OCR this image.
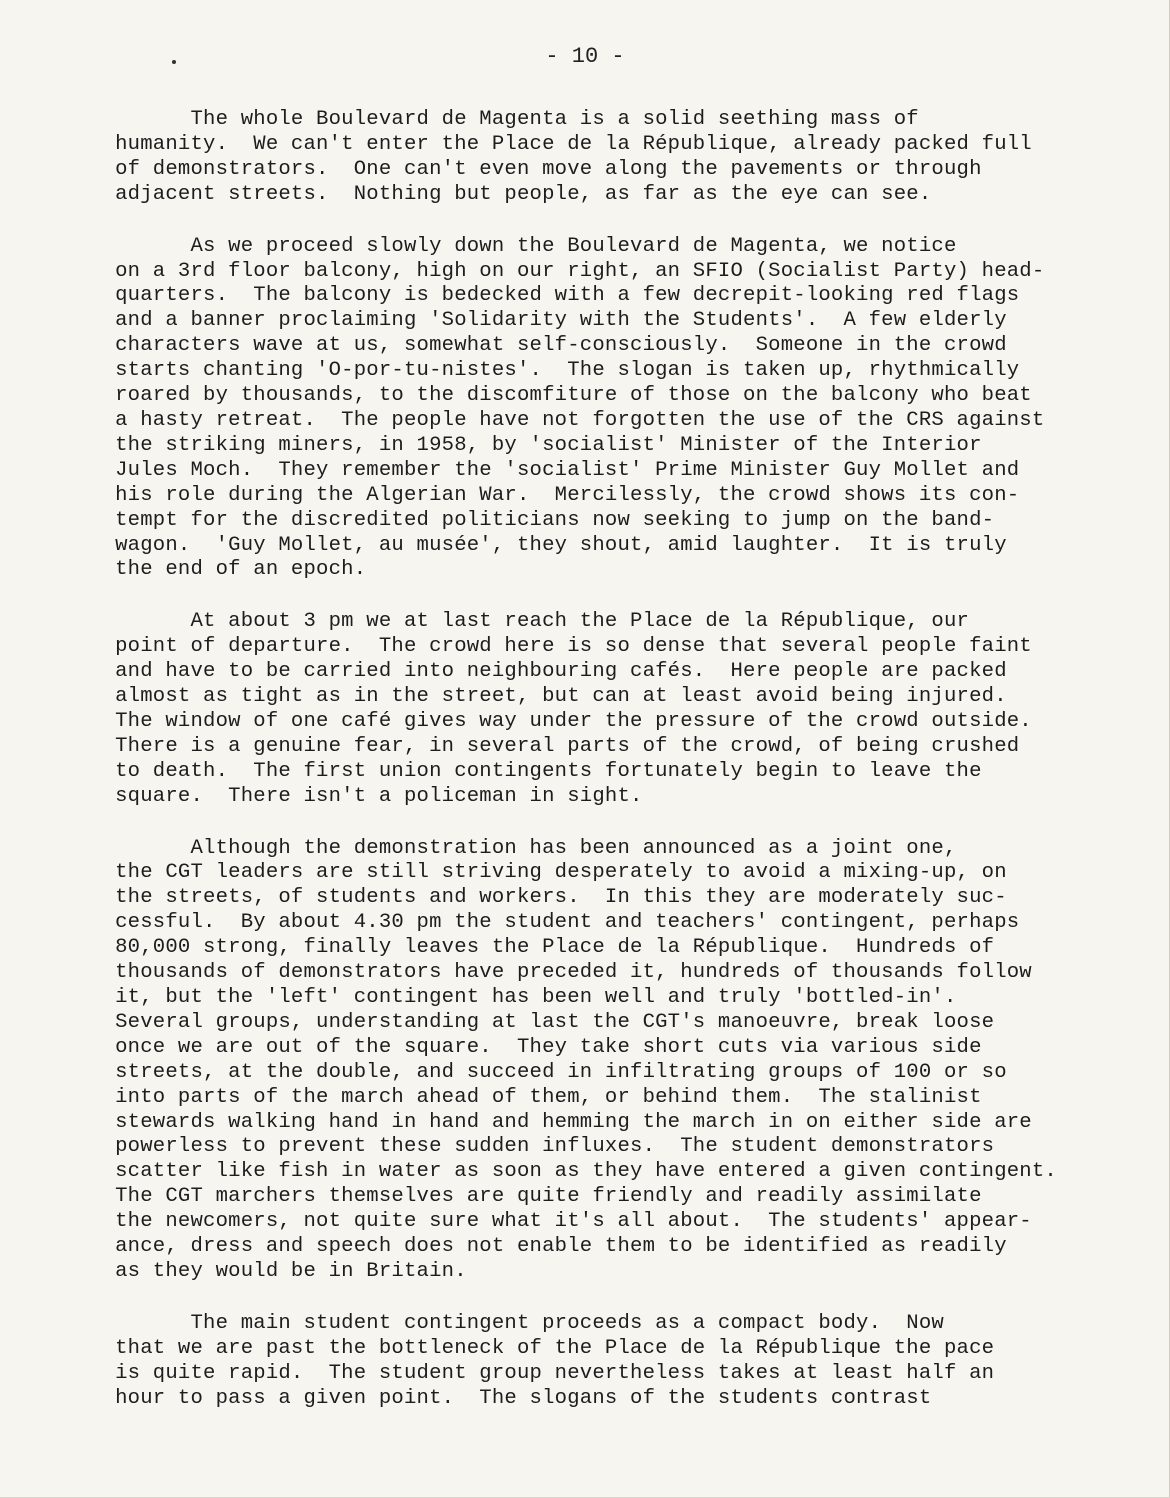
- 10 -
The whole Boulevard de Magenta is a solid seething mass of
humanity.  We can't enter the Place de la République, already packed full
of demonstrators.  One can't even move along the pavements or through
adjacent streets.  Nothing but people, as far as the eye can see.
As we proceed slowly down the Boulevard de Magenta, we notice
on a 3rd floor balcony, high on our right, an SFIO (Socialist Party) head-
quarters.  The balcony is bedecked with a few decrepit-looking red flags
and a banner proclaiming 'Solidarity with the Students'.  A few elderly
characters wave at us, somewhat self-consciously.  Someone in the crowd
starts chanting 'O-por-tu-nistes'.  The slogan is taken up, rhythmically
roared by thousands, to the discomfiture of those on the balcony who beat
a hasty retreat.  The people have not forgotten the use of the CRS against
the striking miners, in 1958, by 'socialist' Minister of the Interior
Jules Moch.  They remember the 'socialist' Prime Minister Guy Mollet and
his role during the Algerian War.  Mercilessly, the crowd shows its con-
tempt for the discredited politicians now seeking to jump on the band-
wagon.  'Guy Mollet, au musée', they shout, amid laughter.  It is truly
the end of an epoch.
At about 3 pm we at last reach the Place de la République, our
point of departure.  The crowd here is so dense that several people faint
and have to be carried into neighbouring cafés.  Here people are packed
almost as tight as in the street, but can at least avoid being injured.
The window of one café gives way under the pressure of the crowd outside.
There is a genuine fear, in several parts of the crowd, of being crushed
to death.  The first union contingents fortunately begin to leave the
square.  There isn't a policeman in sight.
Although the demonstration has been announced as a joint one,
the CGT leaders are still striving desperately to avoid a mixing-up, on
the streets, of students and workers.  In this they are moderately suc-
cessful.  By about 4.30 pm the student and teachers' contingent, perhaps
80,000 strong, finally leaves the Place de la République.  Hundreds of
thousands of demonstrators have preceded it, hundreds of thousands follow
it, but the 'left' contingent has been well and truly 'bottled-in'.
Several groups, understanding at last the CGT's manoeuvre, break loose
once we are out of the square.  They take short cuts via various side
streets, at the double, and succeed in infiltrating groups of 100 or so
into parts of the march ahead of them, or behind them.  The stalinist
stewards walking hand in hand and hemming the march in on either side are
powerless to prevent these sudden influxes.  The student demonstrators
scatter like fish in water as soon as they have entered a given contingent.
The CGT marchers themselves are quite friendly and readily assimilate
the newcomers, not quite sure what it's all about.  The students' appear-
ance, dress and speech does not enable them to be identified as readily
as they would be in Britain.
The main student contingent proceeds as a compact body.  Now
that we are past the bottleneck of the Place de la République the pace
is quite rapid.  The student group nevertheless takes at least half an
hour to pass a given point.  The slogans of the students contrast
